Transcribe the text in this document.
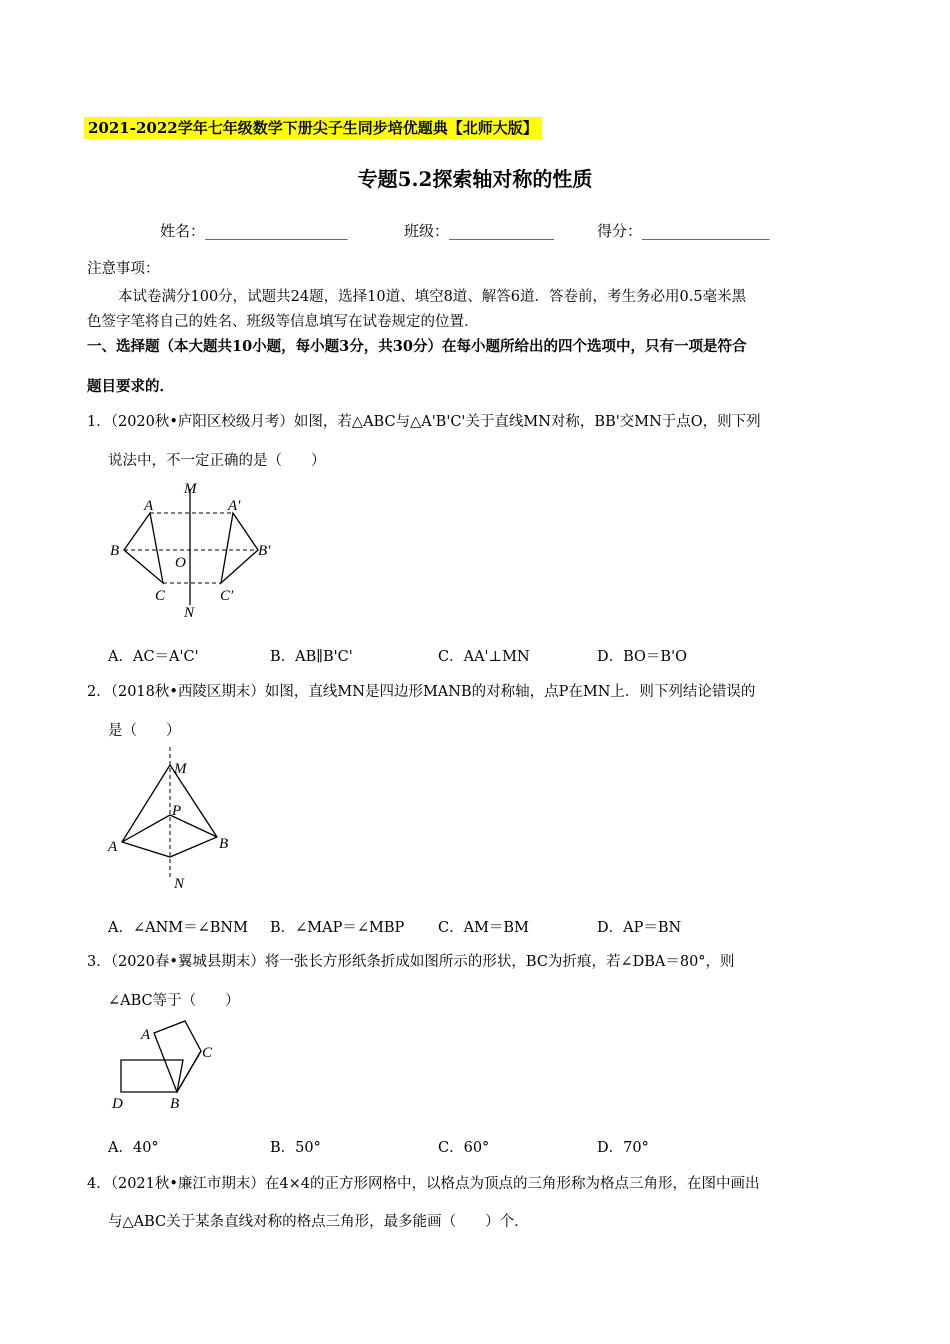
2021-2022学年七年级数学下册尖子生同步培优题典【北师大版】
专题5.2探索轴对称的性质
姓名：___________________	班级：______________	得分：_________________
注意事项：
本试卷满分100分，试题共24题，选择10道、填空8道、解答6道．答卷前，考生务必用0.5毫米黑
色签字笔将自己的姓名、班级等信息填写在试卷规定的位置．
一、选择题（本大题共10小题，每小题3分，共30分）在每小题所给出的四个选项中，只有一项是符合
题目要求的．
1．（2020秋•庐阳区校级月考）如图，若△ABC与△A'B'C'关于直线MN对称，BB'交MN于点O，则下列
说法中，不一定正确的是（　　）
M
N
A	A′
B	B′
C	C′
O
A．AC＝A'C'	B．AB∥B'C'	C．AA'⊥MN	D．BO＝B'O
2．（2018秋•西陵区期末）如图，直线MN是四边形MANB的对称轴，点P在MN上．则下列结论错误的
是（　　）
M
P
A	B
N
A．∠ANM＝∠BNM B．∠MAP＝∠MBP C．AM＝BM	D．AP＝BN
3．（2020春•翼城县期末）将一张长方形纸条折成如图所示的形状，BC为折痕，若∠DBA＝80°，则
∠ABC等于（　　）
A
C
D	B
A．40°	B．50°	C．60°	D．70°
4．（2021秋•廉江市期末）在4×4的正方形网格中，以格点为顶点的三角形称为格点三角形，在图中画出
与△ABC关于某条直线对称的格点三角形，最多能画（　　）个．
